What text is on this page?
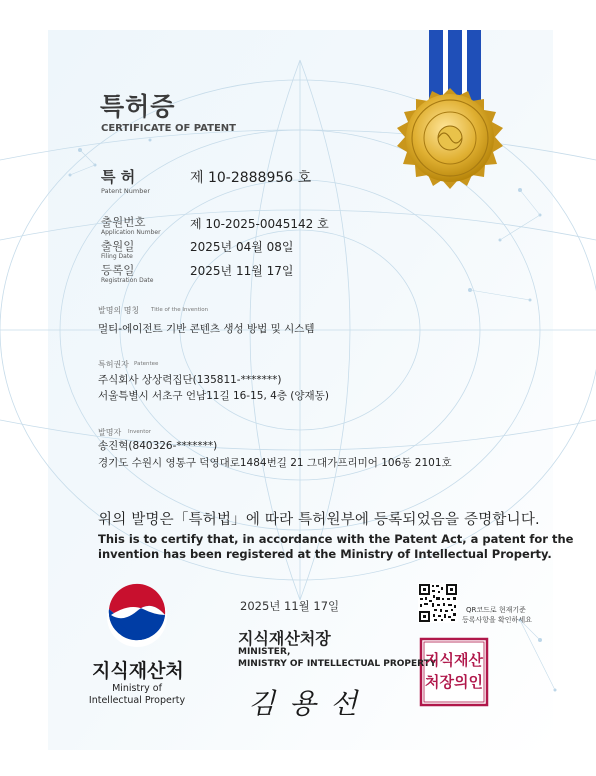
특허증
CERTIFICATE OF PATENT
특 허
Patent Number
제 10-2888956 호
출원번호
Application Number
제 10-2025-0045142 호
출원일
Filing Date
2025년 04월 08일
등록일
Registration Date
2025년 11월 17일
발명의 명칭 Title of the Invention
멀티-에이전트 기반 콘텐츠 생성 방법 및 시스템
특허권자 Patentee
주식회사 상상력집단(135811-*******)
서울특별시 서초구 언남11길 16-15, 4층 (양재동)
발명자 Inventor
송진혁(840326-*******)
경기도 수원시 영통구 덕영대로1484번길 21 그대가프리미어 106동 2101호
위의 발명은「특허법」에 따라 특허원부에 등록되었음을 증명합니다.
This is to certify that, in accordance with the Patent Act, a patent for the
invention has been registered at the Ministry of Intellectual Property.
2025년 11월 17일
지식재산처장
MINISTER,
MINISTRY OF INTELLECTUAL PROPERTY
QR코드로 현재기준
등록사항을 확인하세요
김용선
지식재산
처장의인
지식재산처
Ministry of
Intellectual Property
